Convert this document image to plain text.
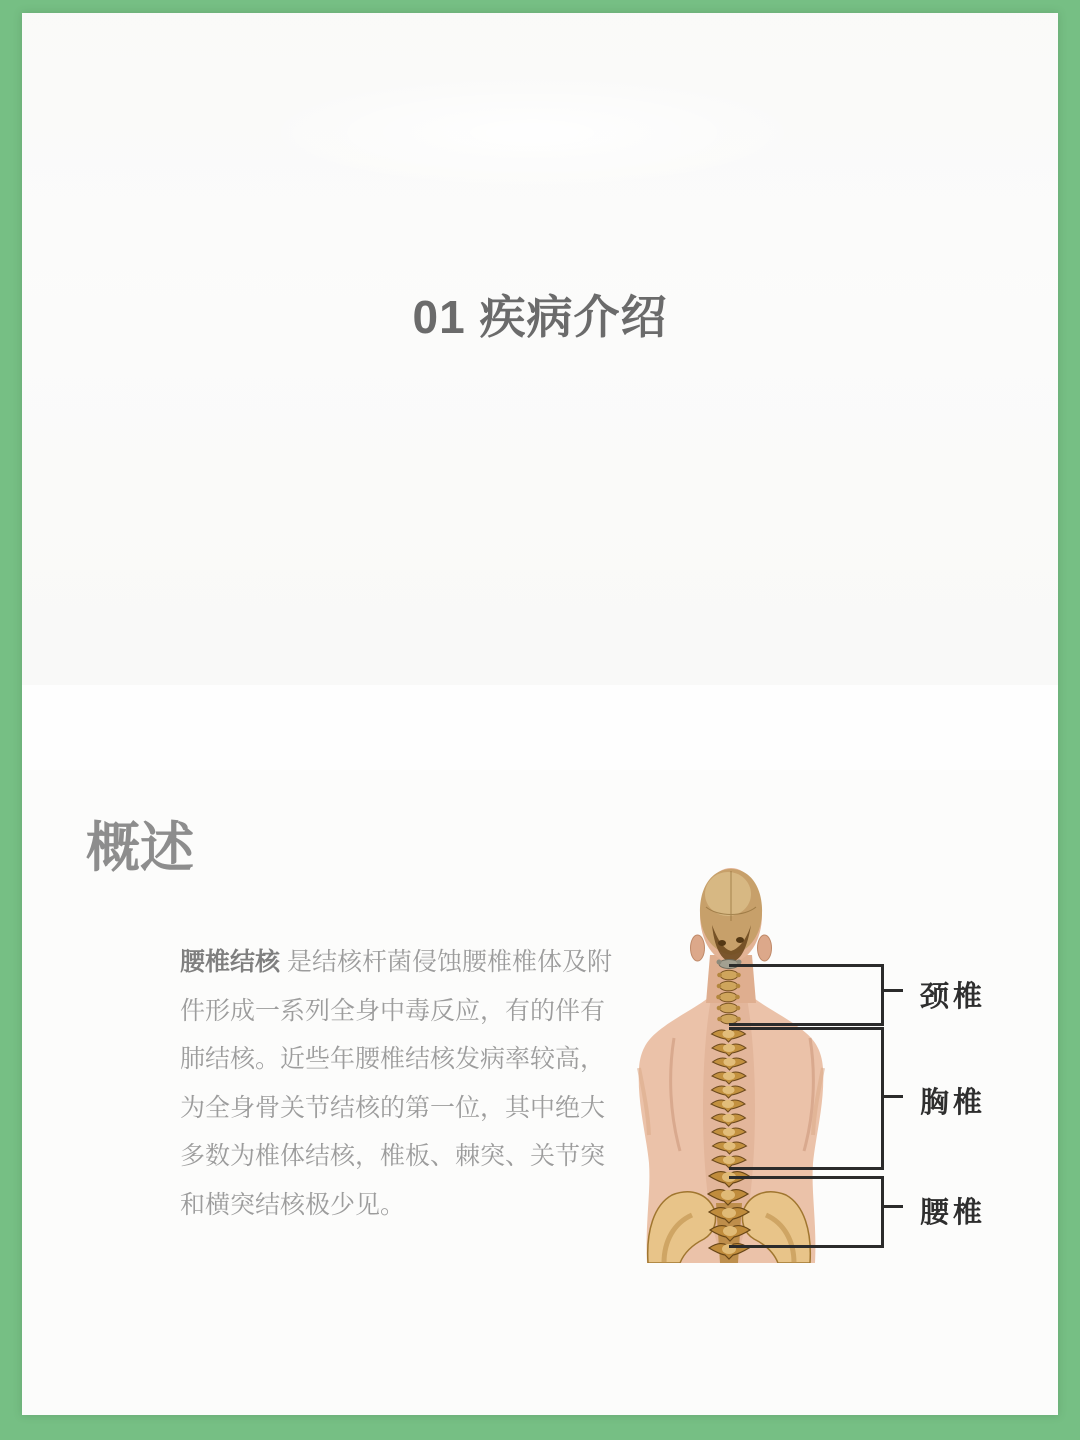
01 疾病介绍
概述

腰椎结核 是结核杆菌侵蚀腰椎椎体及附

件形成一系列全身中毒反应，有的伴有

肺结核。近些年腰椎结核发病率较高，

为全身骨关节结核的第一位，其中绝大

多数为椎体结核，椎板、棘突、关节突

和横突结核极少见。

颈椎
胸椎
腰椎
